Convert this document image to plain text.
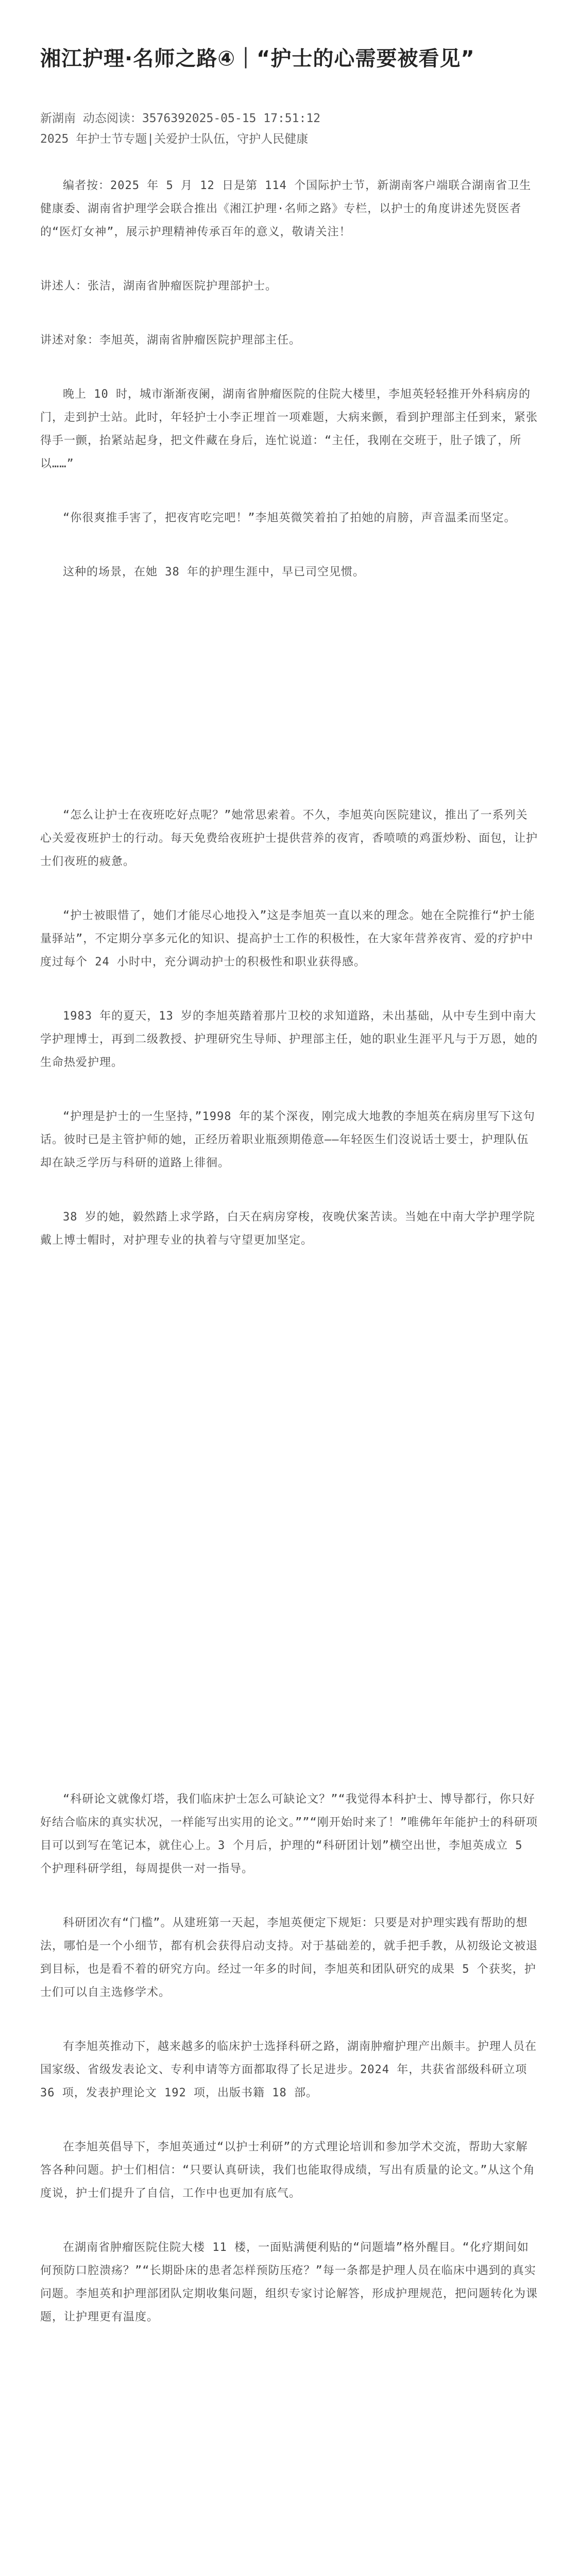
湘江护理·名师之路④｜“护士的心需要被看见”
新湖南 动态阅读：3576392025-05-15 17:51:12
2025 年护士节专题|关爱护士队伍，守护人民健康

编者按：2025 年 5 月 12 日是第 114 个国际护士节，新湖南客户端联合湖南省卫生健康委、湖南省护理学会联合推出《湘江护理·名师之路》专栏，以护士的角度讲述先贤医者的“医灯女神”，展示护理精神传承百年的意义，敬请关注！

讲述人：张洁，湖南省肿瘤医院护理部护士。

讲述对象：李旭英，湖南省肿瘤医院护理部主任。

晚上 10 时，城市渐渐夜阑，湖南省肿瘤医院的住院大楼里，李旭英轻轻推开外科病房的门，走到护士站。此时，年轻护士小李正埋首一项难题，大病来颤，看到护理部主任到来，紧张得手一颤，抬紧站起身，把文件藏在身后，连忙说道：“主任，我刚在交班于，肚子饿了，所以……”

“你很爽推手害了，把夜宵吃完吧！”李旭英微笑着拍了拍她的肩膀，声音温柔而坚定。

这种的场景，在她 38 年的护理生涯中，早已司空见惯。

“怎么让护士在夜班吃好点呢？”她常思索着。不久，李旭英向医院建议，推出了一系列关心关爱夜班护士的行动。每天免费给夜班护士提供营养的夜宵，香喷喷的鸡蛋炒粉、面包，让护士们夜班的疲惫。

“护士被眼惜了，她们才能尽心地投入”这是李旭英一直以来的理念。她在全院推行“护士能量驿站”，不定期分享多元化的知识、提高护士工作的积极性，在大家年营养夜宵、爱的疗护中度过每个 24 小时中，充分调动护士的积极性和职业获得感。

1983 年的夏天，13 岁的李旭英踏着那片卫校的求知道路，未出基础，从中专生到中南大学护理博士，再到二级教授、护理研究生导师、护理部主任，她的职业生涯平凡与于万恩，她的生命热爱护理。

“护理是护士的一生坚持，”1998 年的某个深夜，刚完成大地教的李旭英在病房里写下这句话。彼时已是主管护师的她，正经历着职业瓶颈期倦意——年轻医生们沒说话士要士，护理队伍却在缺乏学历与科研的道路上徘徊。

38 岁的她，毅然踏上求学路，白天在病房穿梭，夜晚伏案苦读。当她在中南大学护理学院戴上博士帽时，对护理专业的执着与守望更加坚定。

“科研论文就像灯塔，我们临床护士怎么可缺论文？”“我觉得本科护士、博导都行，你只好好结合临床的真实状况，一样能写出实用的论文。””“刚开始时来了！”唯佛年年能护士的科研项目可以到写在笔记本，就住心上。3 个月后，护理的“科研团计划”横空出世，李旭英成立 5 个护理科研学组，每周提供一对一指导。

科研团次有“门槛”。从建班第一天起，李旭英便定下规矩：只要是对护理实践有帮助的想法，哪怕是一个小细节，都有机会获得启动支持。对于基础差的，就手把手教，从初级论文被退到目标，也是看不着的研究方向。经过一年多的时间，李旭英和团队研究的成果 5 个获奖，护士们可以自主选修学术。

有李旭英推动下，越来越多的临床护士选择科研之路，湖南肿瘤护理产出颇丰。护理人员在国家级、省级发表论文、专利申请等方面都取得了长足进步。2024 年，共获省部级科研立项 36 项，发表护理论文 192 项，出版书籍 18 部。

在李旭英倡导下，李旭英通过“以护士利研”的方式理论培训和参加学术交流，帮助大家解答各种问题。护士们相信：“只要认真研读，我们也能取得成绩，写出有质量的论文。”从这个角度说，护士们提升了自信，工作中也更加有底气。

在湖南省肿瘤医院住院大楼 11 楼，一面贴满便利贴的“问题墙”格外醒目。“化疗期间如何预防口腔溃疡？”“长期卧床的患者怎样预防压疮？”每一条都是护理人员在临床中遇到的真实问题。李旭英和护理部团队定期收集问题，组织专家讨论解答，形成护理规范，把问题转化为课题，让护理更有温度。
